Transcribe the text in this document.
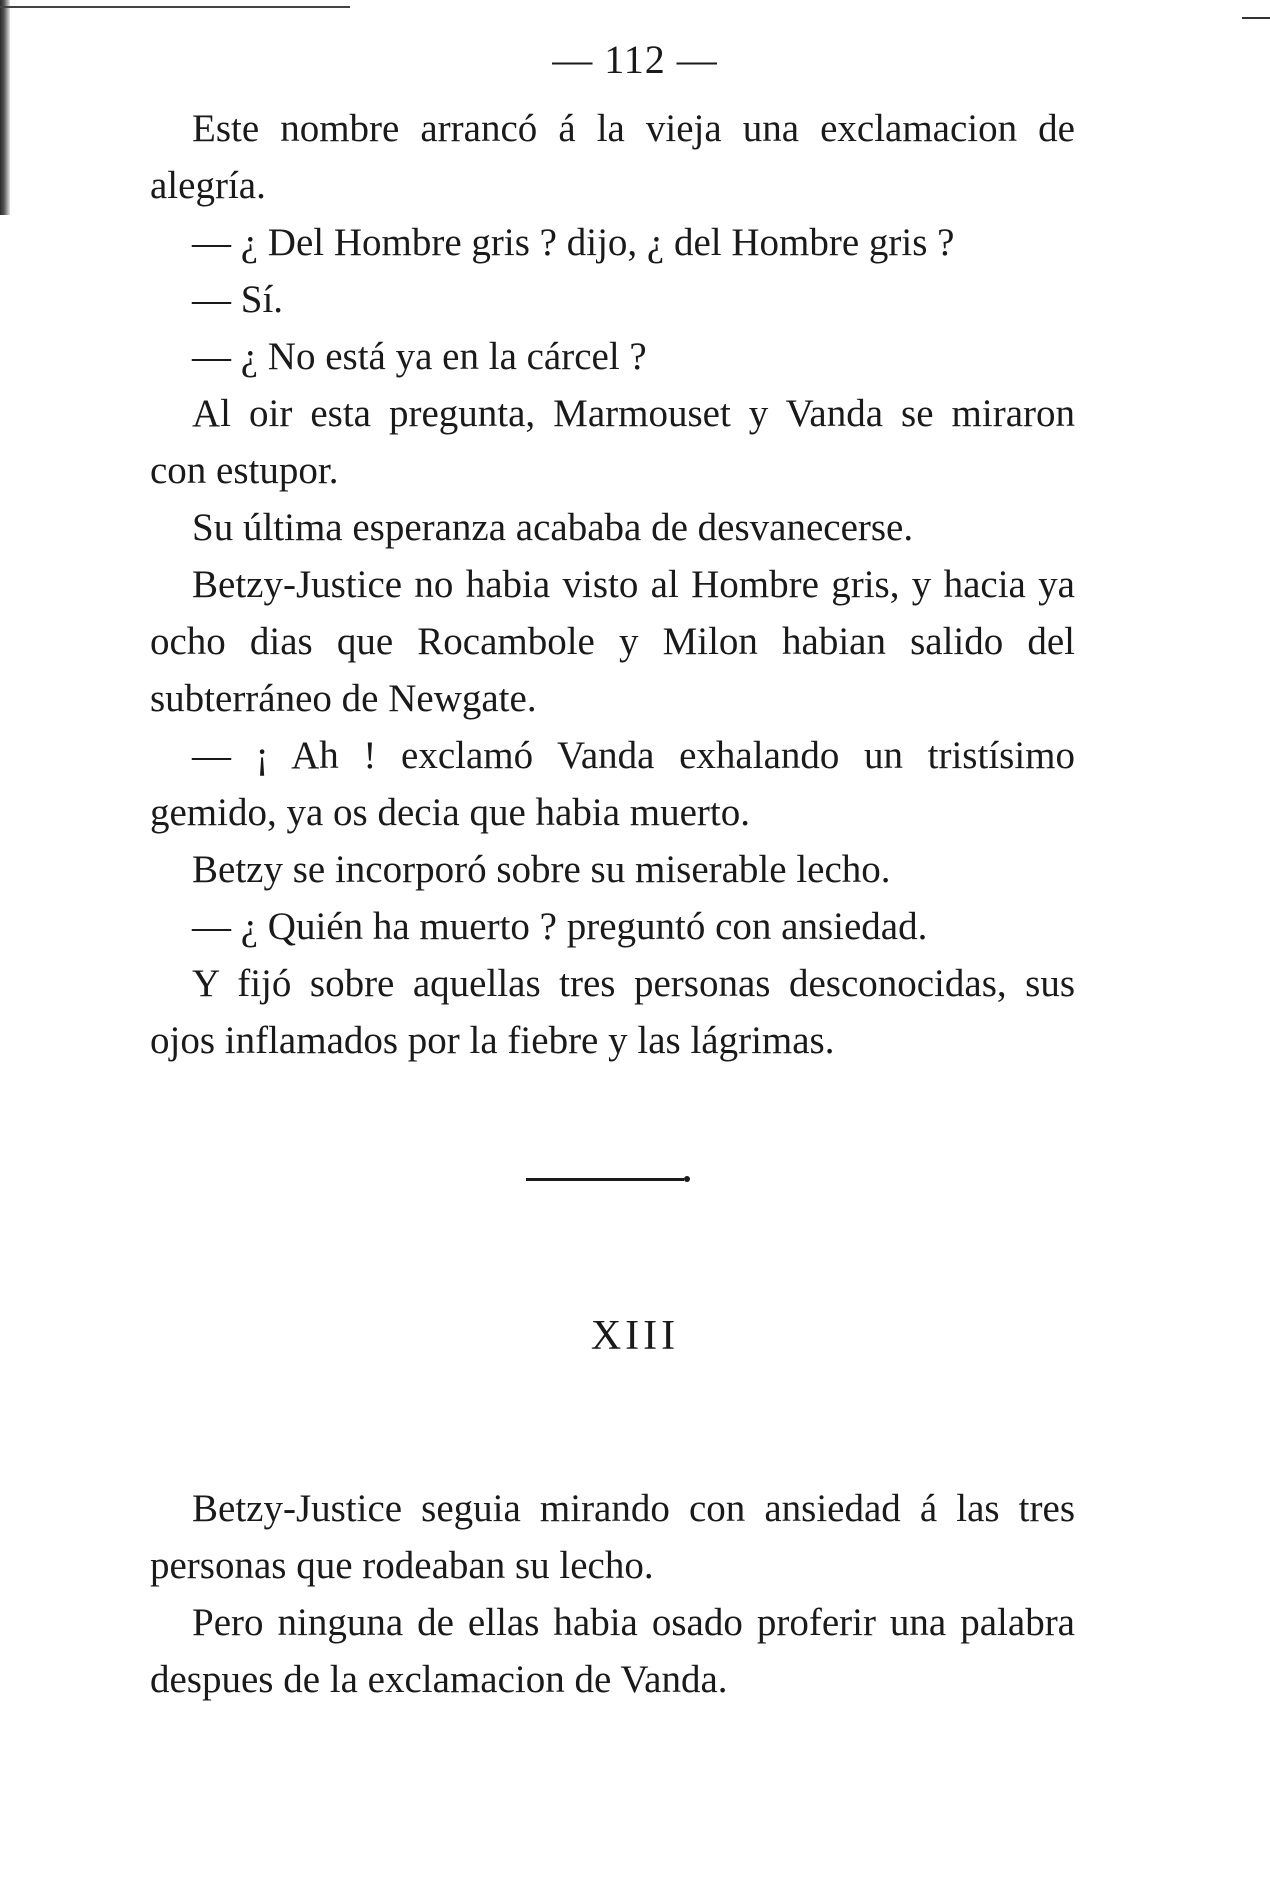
— 112 —

Este nombre arrancó á la vieja una exclamacion de alegría.

— ¿ Del Hombre gris ? dijo, ¿ del Hombre gris ?

— Sí.

— ¿ No está ya en la cárcel ?

Al oir esta pregunta, Marmouset y Vanda se miraron con estupor.

Su última esperanza acababa de desvanecerse.

Betzy-Justice no habia visto al Hombre gris, y hacia ya ocho dias que Rocambole y Milon habian salido del subterráneo de Newgate.

— ¡ Ah ! exclamó Vanda exhalando un tristísimo gemido, ya os decia que habia muerto.

Betzy se incorporó sobre su miserable lecho.

— ¿ Quién ha muerto ? preguntó con ansiedad.

Y fijó sobre aquellas tres personas desconocidas, sus ojos inflamados por la fiebre y las lágrimas.

XIII

Betzy-Justice seguia mirando con ansiedad á las tres personas que rodeaban su lecho.

Pero ninguna de ellas habia osado proferir una palabra despues de la exclamacion de Vanda.
